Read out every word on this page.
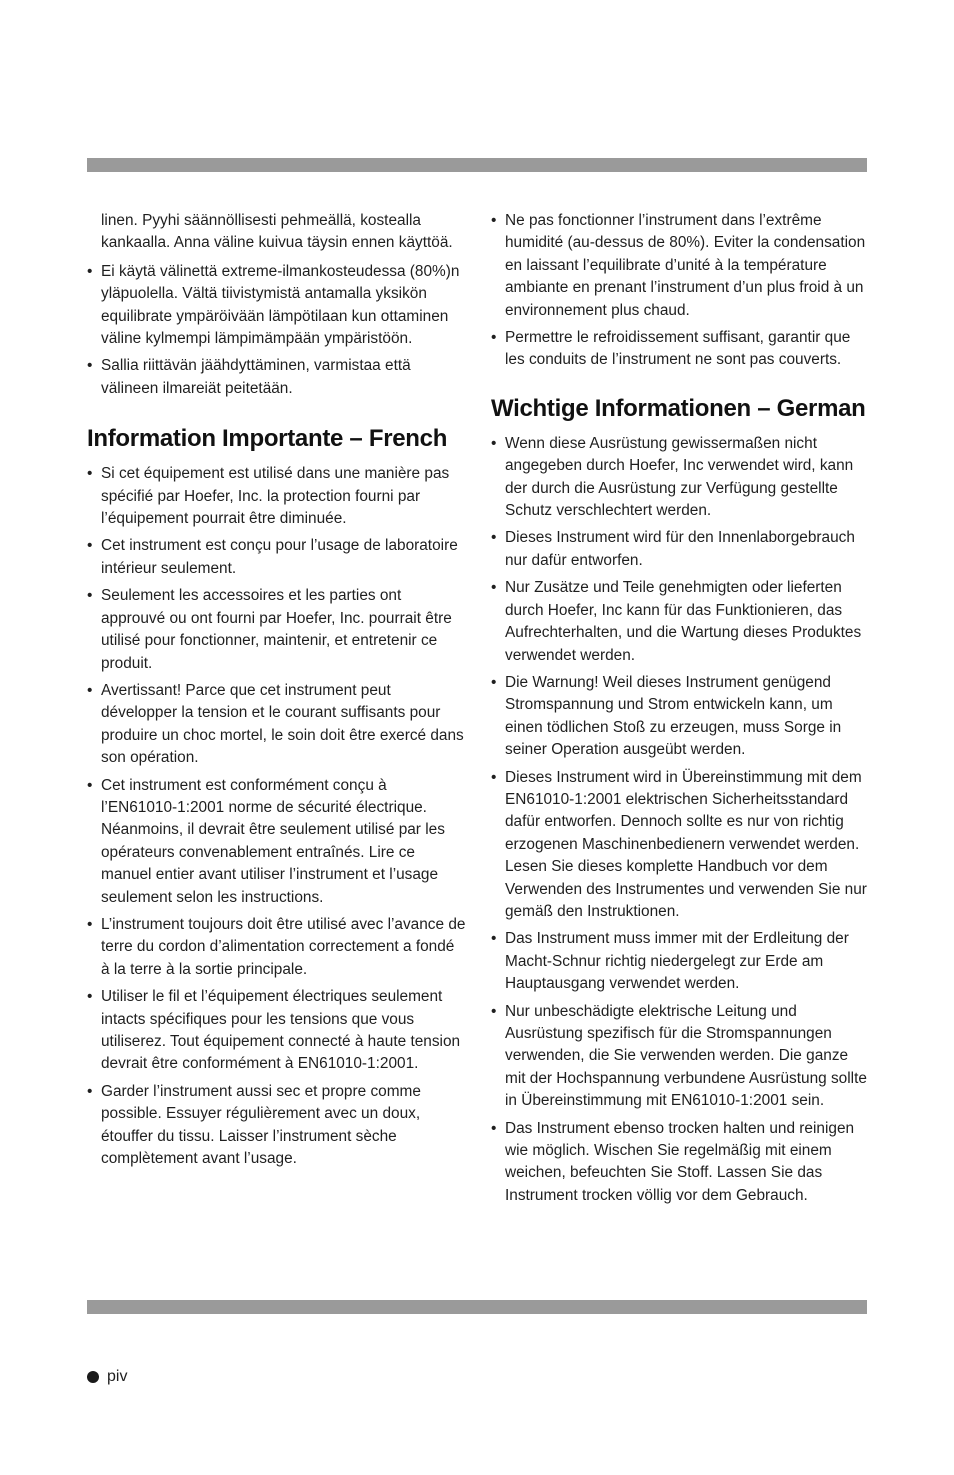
linen. Pyyhi säännöllisesti pehmeällä, kostealla kankaalla. Anna väline kuivua täysin ennen käyttöä.

• Ei käytä välinettä extreme-ilmankosteudessa (80%)n yläpuolella. Vältä tiivistymistä antamalla yksikön equilibrate ympäröivään lämpötilaan kun ottaminen väline kylmempi lämpimämpään ympäristöön.
• Sallia riittävän jäähdyttäminen, varmistaa että välineen ilmareiät peitetään.
Information Importante – French
• Si cet équipement est utilisé dans une manière pas spécifié par Hoefer, Inc. la protection fourni par l’équipement pourrait être diminuée.
• Cet instrument est conçu pour l’usage de laboratoire intérieur seulement.
• Seulement les accessoires et les parties ont approuvé ou ont fourni par Hoefer, Inc. pourrait être utilisé pour fonctionner, maintenir, et entretenir ce produit.
• Avertissant! Parce que cet instrument peut développer la tension et le courant suffisants pour produire un choc mortel, le soin doit être exercé dans son opération.
• Cet instrument est conformément conçu à l’EN61010-1:2001 norme de sécurité électrique. Néanmoins, il devrait être seulement utilisé par les opérateurs convenablement entraînés. Lire ce manuel entier avant utiliser l’instrument et l’usage seulement selon les instructions.
• L’instrument toujours doit être utilisé avec l’avance de terre du cordon d’alimentation correctement a fondé à la terre à la sortie principale.
• Utiliser le fil et l’équipement électriques seulement intacts spécifiques pour les tensions que vous utiliserez. Tout équipement connecté à haute tension devrait être conformément à EN61010-1:2001.
• Garder l’instrument aussi sec et propre comme possible. Essuyer régulièrement avec un doux, étouffer du tissu. Laisser l’instrument sèche complètement avant l’usage.
• Ne pas fonctionner l’instrument dans l’extrême humidité (au-dessus de 80%). Eviter la condensation en laissant l’equilibrate d’unité à la température ambiante en prenant l’instrument d’un plus froid à un environnement plus chaud.
• Permettre le refroidissement suffisant, garantir que les conduits de l’instrument ne sont pas couverts.
Wichtige Informationen – German
• Wenn diese Ausrüstung gewissermaßen nicht angegeben durch Hoefer, Inc verwendet wird, kann der durch die Ausrüstung zur Verfügung gestellte Schutz verschlechtert werden.
• Dieses Instrument wird für den Innenlaborgebrauch nur dafür entworfen.
• Nur Zusätze und Teile genehmigten oder lieferten durch Hoefer, Inc kann für das Funktionieren, das Aufrechterhalten, und die Wartung dieses Produktes verwendet werden.
• Die Warnung! Weil dieses Instrument genügend Stromspannung und Strom entwickeln kann, um einen tödlichen Stoß zu erzeugen, muss Sorge in seiner Operation ausgeübt werden.
• Dieses Instrument wird in Übereinstimmung mit dem EN61010-1:2001 elektrischen Sicherheitsstandard dafür entworfen. Dennoch sollte es nur von richtig erzogenen Maschinenbedienern verwendet werden. Lesen Sie dieses komplette Handbuch vor dem Verwenden des Instrumentes und verwenden Sie nur gemäß den Instruktionen.
• Das Instrument muss immer mit der Erdleitung der Macht-Schnur richtig niedergelegt zur Erde am Hauptausgang verwendet werden.
• Nur unbeschädigte elektrische Leitung und Ausrüstung spezifisch für die Stromspannungen verwenden, die Sie verwenden werden. Die ganze mit der Hochspannung verbundene Ausrüstung sollte in Übereinstimmung mit EN61010-1:2001 sein.
• Das Instrument ebenso trocken halten und reinigen wie möglich. Wischen Sie regelmäßig mit einem weichen, befeuchten Sie Stoff. Lassen Sie das Instrument trocken völlig vor dem Gebrauch.
piv
